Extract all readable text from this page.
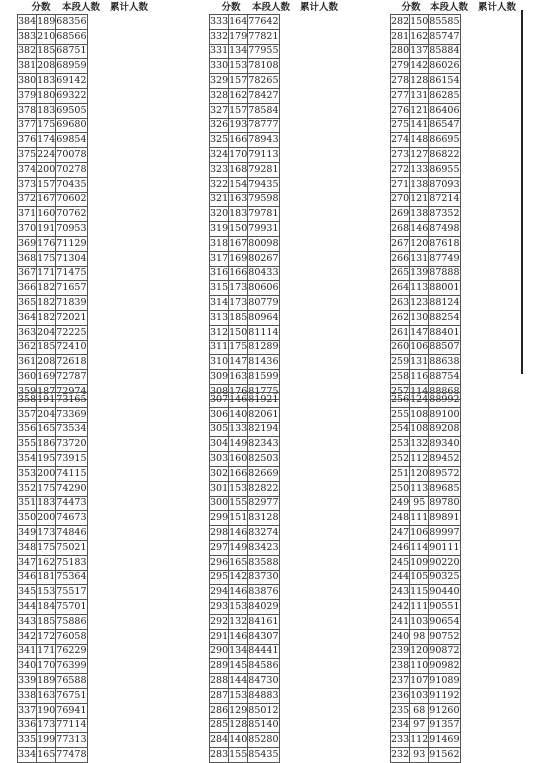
分数	本段人数	累计人数	分数	本段人数	累计人数	分数 本段人数	累计人数
384	189	68356
383	210	68566
382	185	68751
381	208	68959
380	183	69142
379	180	69322
378	183	69505
377	175	69680
376	174	69854
375	224	70078
374	200	70278
373	157	70435
372	167	70602
371	160	70762
370	191	70953
369	176	71129
368	175	71304
367	171	71475
366	182	71657
365	182	71839
364	182	72021
363	204	72225
362	185	72410
361	208	72618
360	169	72787
359	187	72974
358	191	73165
357	204	73369
356	165	73534
355	186	73720
354	195	73915
353	200	74115
352	175	74290
351	183	74473
350	200	74673
349	173	74846
348	175	75021
347	162	75183
346	181	75364
345	153	75517
344	184	75701
343	185	75886
342	172	76058
341	171	76229
340	170	76399
339	189	76588
338	163	76751
337	190	76941
336	173	77114
335	199	77313
334	165	77478
333	164	77642
332	179	77821
331	134	77955
330	153	78108
329	157	78265
328	162	78427
327	157	78584
326	193	78777
325	166	78943
324	170	79113
323	168	79281
322	154	79435
321	163	79598
320	183	79781
319	150	79931
318	167	80098
317	169	80267
316	166	80433
315	173	80606
314	173	80779
313	185	80964
312	150	81114
311	175	81289
310	147	81436
309	163	81599
308	176	81775
307	146	81921
306	140	82061
305	133	82194
304	149	82343
303	160	82503
302	166	82669
301	153	82822
300	155	82977
299	151	83128
298	146	83274
297	149	83423
296	165	83588
295	142	83730
294	146	83876
293	153	84029
292	132	84161
291	146	84307
290	134	84441
289	145	84586
288	144	84730
287	153	84883
286	129	85012
285	128	85140
284	140	85280
283	155	85435
282	150	85585
281	162	85747
280	137	85884
279	142	86026
278	128	86154
277	131	86285
276	121	86406
275	141	86547
274	148	86695
273	127	86822
272	133	86955
271	138	87093
270	121	87214
269	138	87352
268	146	87498
267	120	87618
266	131	87749
265	139	87888
264	113	88001
263	123	88124
262	130	88254
261	147	88401
260	106	88507
259	131	88638
258	116	88754
257	114	88868
256	124	88992
255	108	89100
254	108	89208
253	132	89340
252	112	89452
251	120	89572
250	113	89685
249	95	89780
248	111	89891
247	106	89997
246	114	90111
245	109	90220
244	105	90325
243	115	90440
242	111	90551
241	103	90654
240	98	90752
239	120	90872
238	110	90982
237	107	91089
236	103	91192
235	68	91260
234	97	91357
233	112	91469
232	93	91562
